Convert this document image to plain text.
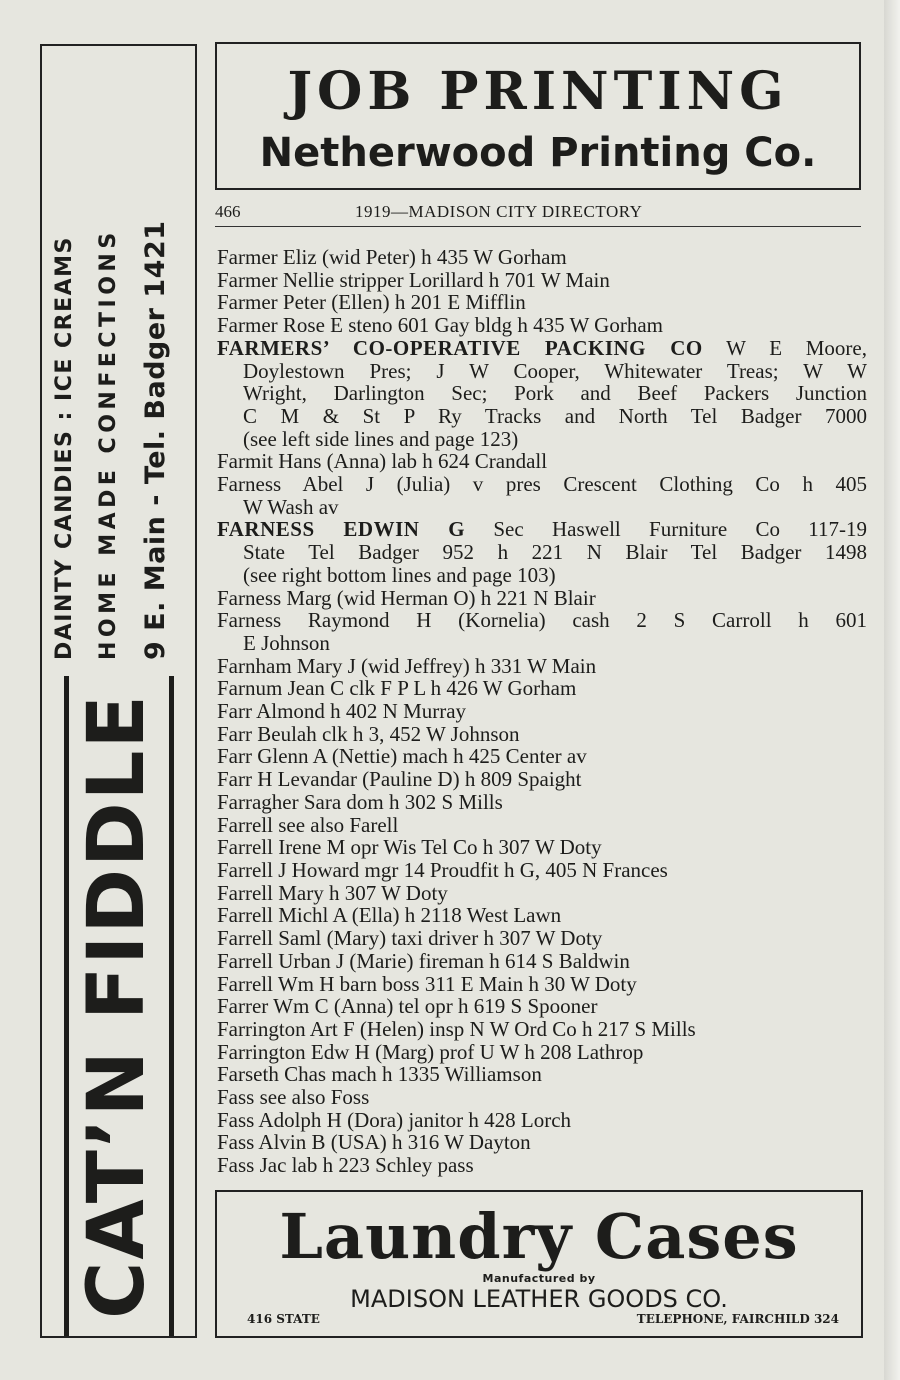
CAT’N FIDDLE
DAINTY CANDIES : ICE CREAMS HOME MADE CONFECTIONS 9 E. Main - Tel. Badger 1421
JOB PRINTING
Netherwood Printing Co.
466	1919—MADISON CITY DIRECTORY
Farmer Eliz (wid Peter) h 435 W Gorham
Farmer Nellie stripper Lorillard h 701 W Main
Farmer Peter (Ellen) h 201 E Mifflin
Farmer Rose E steno 601 Gay bldg h 435 W Gorham
FARMERS’ CO-OPERATIVE PACKING CO W E Moore,
Doylestown Pres; J W Cooper, Whitewater Treas; W W
Wright, Darlington Sec; Pork and Beef Packers Junction
C M & St P Ry Tracks and North Tel Badger 7000
(see left side lines and page 123)
Farmit Hans (Anna) lab h 624 Crandall
Farness Abel J (Julia) v pres Crescent Clothing Co h 405
W Wash av
FARNESS EDWIN G Sec Haswell Furniture Co 117-19
State Tel Badger 952 h 221 N Blair Tel Badger 1498
(see right bottom lines and page 103)
Farness Marg (wid Herman O) h 221 N Blair
Farness Raymond H (Kornelia) cash 2 S Carroll h 601
E Johnson
Farnham Mary J (wid Jeffrey) h 331 W Main
Farnum Jean C clk F P L h 426 W Gorham
Farr Almond h 402 N Murray
Farr Beulah clk h 3, 452 W Johnson
Farr Glenn A (Nettie) mach h 425 Center av
Farr H Levandar (Pauline D) h 809 Spaight
Farragher Sara dom h 302 S Mills
Farrell see also Farell
Farrell Irene M opr Wis Tel Co h 307 W Doty
Farrell J Howard mgr 14 Proudfit h G, 405 N Frances
Farrell Mary h 307 W Doty
Farrell Michl A (Ella) h 2118 West Lawn
Farrell Saml (Mary) taxi driver h 307 W Doty
Farrell Urban J (Marie) fireman h 614 S Baldwin
Farrell Wm H barn boss 311 E Main h 30 W Doty
Farrer Wm C (Anna) tel opr h 619 S Spooner
Farrington Art F (Helen) insp N W Ord Co h 217 S Mills
Farrington Edw H (Marg) prof U W h 208 Lathrop
Farseth Chas mach h 1335 Williamson
Fass see also Foss
Fass Adolph H (Dora) janitor h 428 Lorch
Fass Alvin B (USA) h 316 W Dayton
Fass Jac lab h 223 Schley pass
Laundry Cases
Manufactured by
MADISON LEATHER GOODS CO.
416 STATE	TELEPHONE, FAIRCHILD 324
